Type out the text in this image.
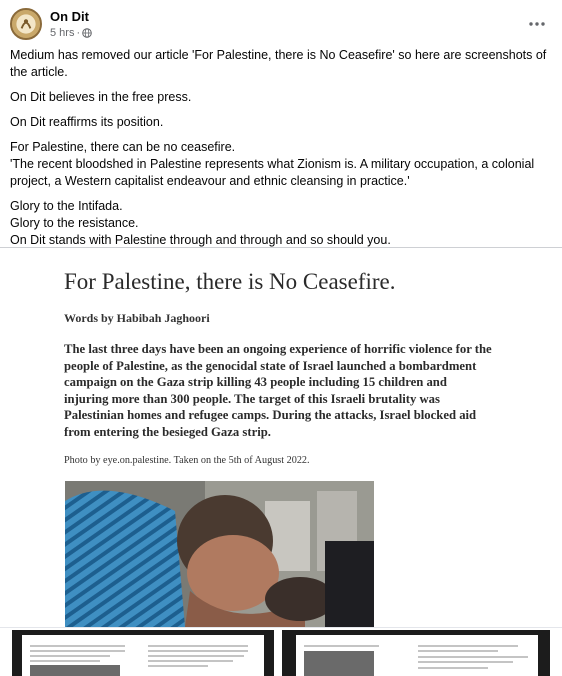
On Dit
5 hrs ·

Medium has removed our article 'For Palestine, there is No Ceasefire' so here are screenshots of the article.

On Dit believes in the free press.

On Dit reaffirms its position.

For Palestine, there can be no ceasefire.

'The recent bloodshed in Palestine represents what Zionism is. A military occupation, a colonial project, a Western capitalist endeavour and ethnic cleansing in practice.'

Glory to the Intifada.

Glory to the resistance.

On Dit stands with Palestine through and through and so should you.

For Palestine, there is No Ceasefire.
Words by Habibah Jaghoori
The last three days have been an ongoing experience of horrific violence for the people of Palestine, as the genocidal state of Israel launched a bombardment campaign on the Gaza strip killing 43 people including 15 children and injuring more than 300 people. The target of this Israeli brutality was Palestinian homes and refugee camps. During the attacks, Israel blocked aid from entering the besieged Gaza strip.
Photo by eye.on.palestine. Taken on the 5th of August 2022.
